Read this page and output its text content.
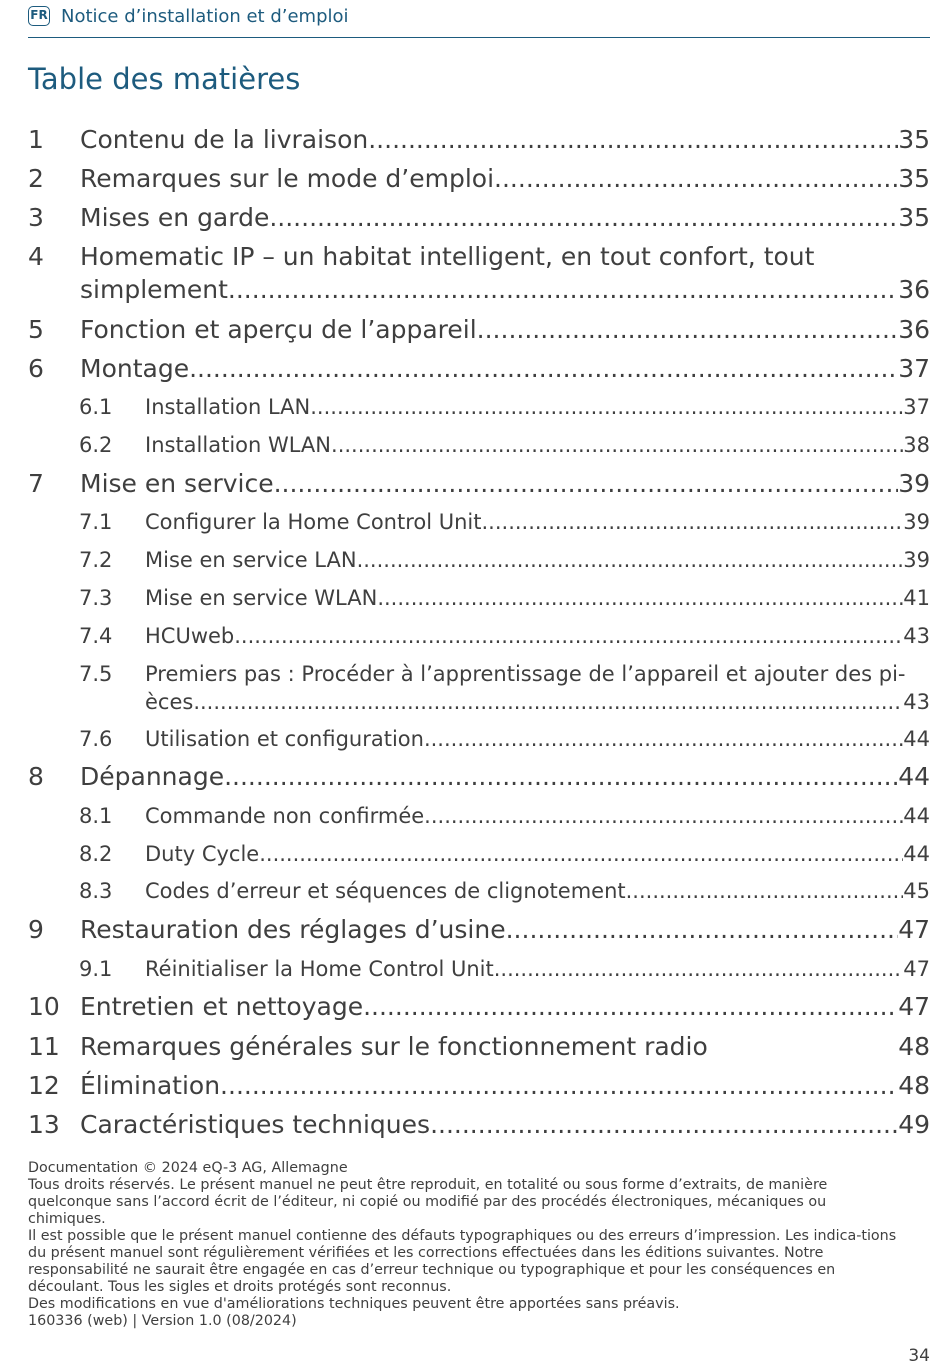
FR Notice d’installation et d’emploi
Table des matières
1 Contenu de la livraison .....	35
2 Remarques sur le mode d’emploi .....	35
3 Mises en garde .....	35
4 Homematic IP – un habitat intelligent, en tout confort, tout
simplement .....	36
5 Fonction et aperçu de l’appareil .....	36
6 Montage .....	37
6.1 Installation LAN .....	37
6.2 Installation WLAN .....	38
7 Mise en service .....	39
7.1 Configurer la Home Control Unit .....	39
7.2 Mise en service LAN .....	39
7.3 Mise en service WLAN .....	41
7.4 HCUweb .....	43
7.5 Premiers pas : Procéder à l’apprentissage de l’appareil et ajouter des pi-
èces .....	43
7.6 Utilisation et configuration .....	44
8 Dépannage .....	44
8.1 Commande non confirmée .....	44
8.2 Duty Cycle .....	44
8.3 Codes d’erreur et séquences de clignotement .....	45
9 Restauration des réglages d’usine .....	47
9.1 Réinitialiser la Home Control Unit .....	47
10 Entretien et nettoyage .....	47
11 Remarques générales sur le fonctionnement radio	48
12 Élimination .....	48
13 Caractéristiques techniques .....	49

Documentation © 2024 eQ-3 AG, Allemagne

Tous droits réservés. Le présent manuel ne peut être reproduit, en totalité ou sous forme d’extraits, de manière quelconque sans l’accord écrit de l’éditeur, ni copié ou modifié par des procédés électroniques, mécaniques ou chimiques.

Il est possible que le présent manuel contienne des défauts typographiques ou des erreurs d’impression. Les indica-tions du présent manuel sont régulièrement vérifiées et les corrections effectuées dans les éditions suivantes. Notre responsabilité ne saurait être engagée en cas d’erreur technique ou typographique et pour les conséquences en découlant. Tous les sigles et droits protégés sont reconnus.

Des modifications en vue d'améliorations techniques peuvent être apportées sans préavis.

160336 (web) | Version 1.0 (08/2024)

34
